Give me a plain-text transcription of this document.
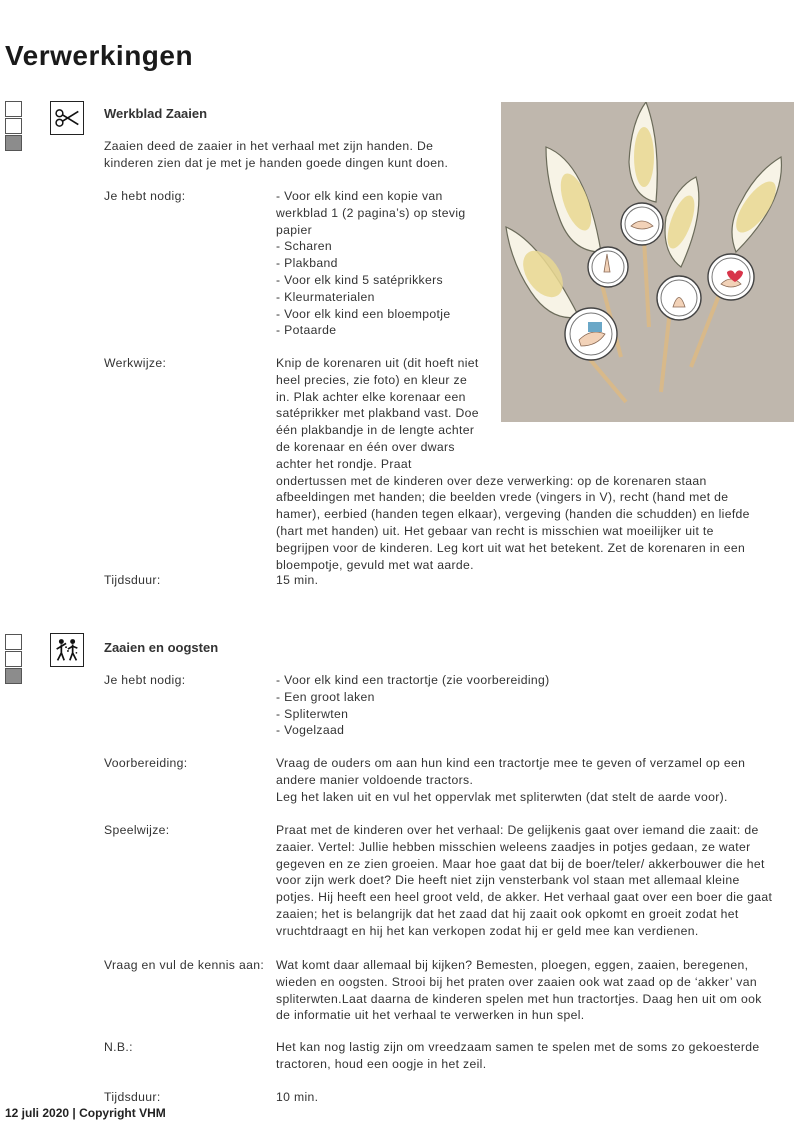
Verwerkingen
Werkblad Zaaien
Zaaien deed de zaaier in het verhaal met zijn handen. De kinderen zien dat je met je handen goede dingen kunt doen.
Je hebt nodig:	- Voor elk kind een kopie van werkblad 1 (2 pagina’s) op stevig papier
- Scharen
- Plakband
- Voor elk kind 5 satéprikkers
- Kleurmaterialen
- Voor elk kind een bloempotje
- Potaarde
Werkwijze:	Knip de korenaren uit (dit hoeft niet heel precies, zie foto) en kleur ze in. Plak achter elke korenaar een satéprikker met plakband vast. Doe één plakbandje in de lengte achter de korenaar en één over dwars achter het rondje. Praat ondertussen met de kinderen over deze verwerking: op de korenaren staan afbeeldingen met handen; die beelden vrede (vingers in V), recht (hand met de hamer), eerbied (handen tegen elkaar), vergeving (handen die schudden) en liefde (hart met handen) uit. Het gebaar van recht is misschien wat moeilijker uit te begrijpen voor de kinderen. Leg kort uit wat het betekent. Zet de korenaren in een bloempotje, gevuld met wat aarde.
Tijdsduur:	15 min.
Zaaien en oogsten
Je hebt nodig:	- Voor elk kind een tractortje (zie voorbereiding)
- Een groot laken
- Spliterwten
- Vogelzaad
Voorbereiding:	Vraag de ouders om aan hun kind een tractortje mee te geven of verzamel op een andere manier voldoende tractors.
Leg het laken uit en vul het oppervlak met spliterwten (dat stelt de aarde voor).
Speelwijze:	Praat met de kinderen over het verhaal: De gelijkenis gaat over iemand die zaait: de zaaier. Vertel: Jullie hebben misschien weleens zaadjes in potjes gedaan, ze water gegeven en ze zien groeien. Maar hoe gaat dat bij de boer/teler/ akkerbouwer die het voor zijn werk doet? Die heeft niet zijn vensterbank vol staan met allemaal kleine potjes. Hij heeft een heel groot veld, de akker. Het verhaal gaat over een boer die gaat zaaien; het is belangrijk dat het zaad dat hij zaait ook opkomt en groeit zodat het vruchtdraagt en hij het kan verkopen zodat hij er geld mee kan verdienen.
Vraag en vul de kennis aan: Wat komt daar allemaal bij kijken? Bemesten, ploegen, eggen, zaaien, beregenen, wieden en oogsten. Strooi bij het praten over zaaien ook wat zaad op de ‘akker’ van spliterwten.Laat daarna de kinderen spelen met hun tractortjes. Daag hen uit om ook de informatie uit het verhaal te verwerken in hun spel.
N.B.:	Het kan nog lastig zijn om vreedzaam samen te spelen met de soms zo gekoesterde tractoren, houd een oogje in het zeil.
Tijdsduur:	10 min.
12 juli 2020 | Copyright VHM
